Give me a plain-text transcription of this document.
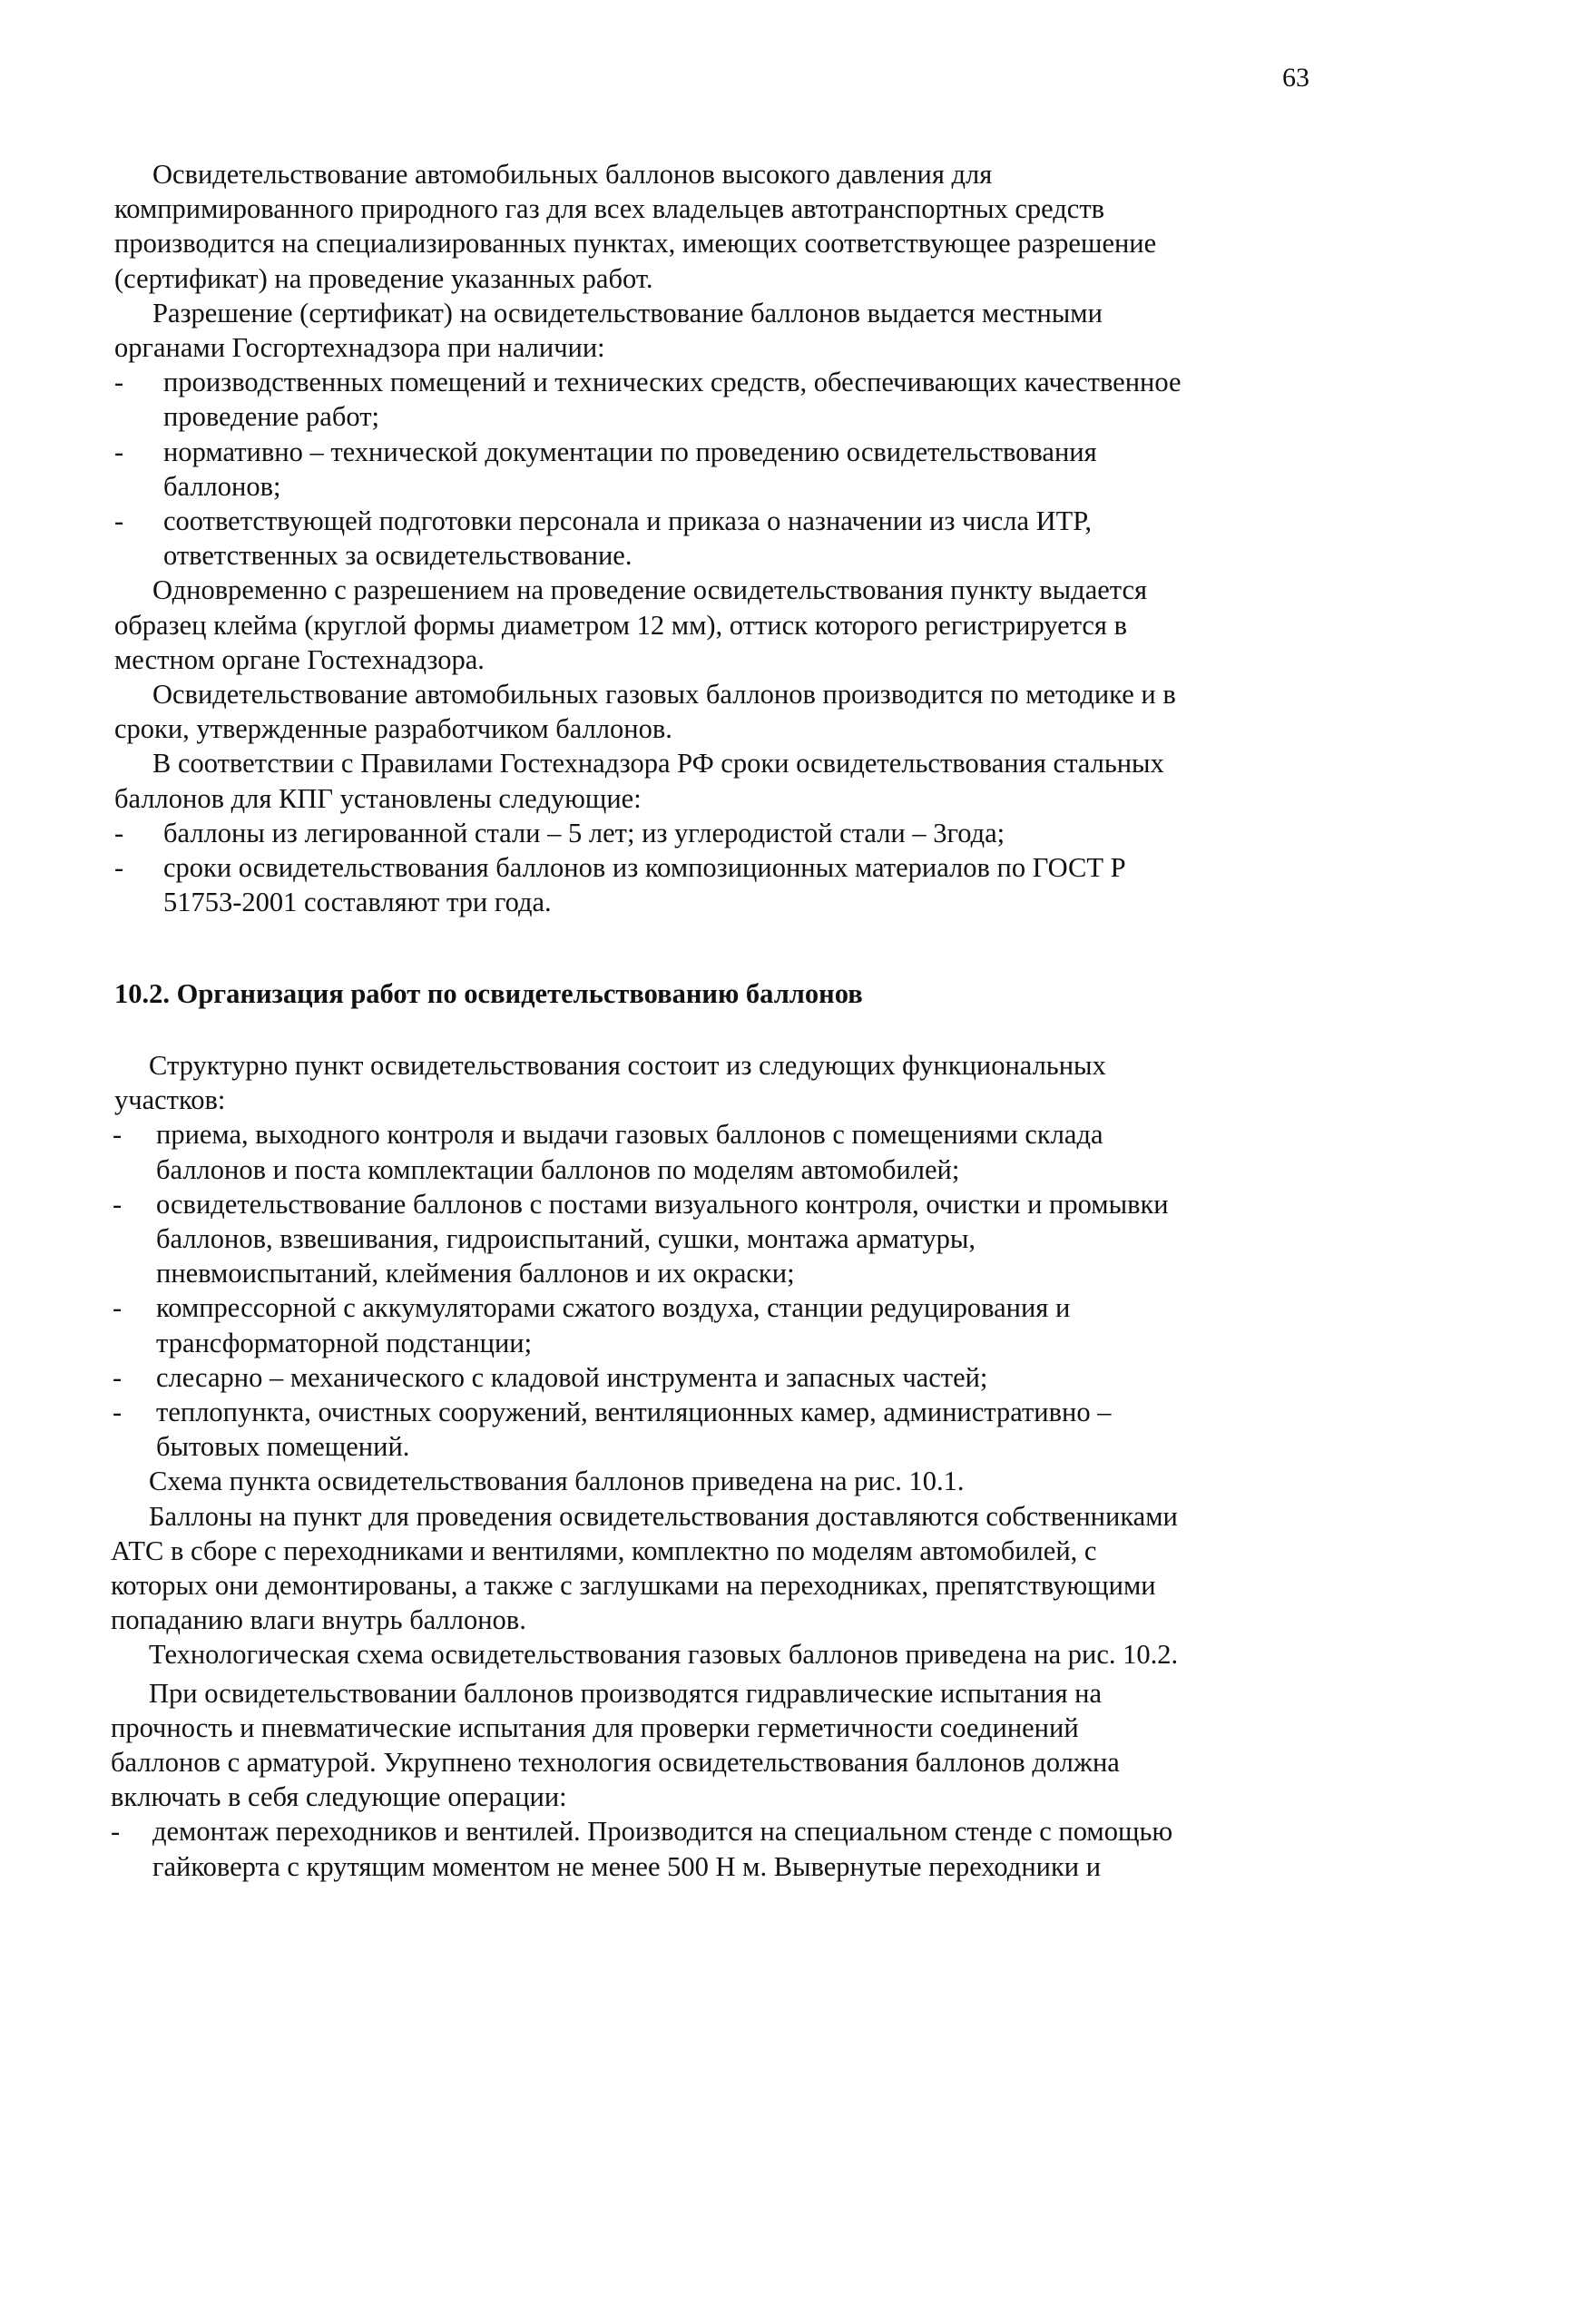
63
Освидетельствование автомобильных баллонов высокого давления для
компримированного природного газ для всех владельцев автотранспортных средств
производится на специализированных пунктах, имеющих соответствующее разрешение
(сертификат) на проведение указанных работ.
Разрешение (сертификат) на освидетельствование баллонов выдается местными
органами Госгортехнадзора при наличии:
- производственных помещений и технических средств, обеспечивающих качественное
проведение работ;
- нормативно – технической документации по проведению освидетельствования
баллонов;
- соответствующей подготовки персонала и приказа о назначении из числа ИТР,
ответственных за освидетельствование.
Одновременно с разрешением на проведение освидетельствования пункту выдается
образец клейма (круглой формы диаметром 12 мм), оттиск которого регистрируется в
местном органе Гостехнадзора.
Освидетельствование автомобильных газовых баллонов производится по методике и в
сроки, утвержденные разработчиком баллонов.
В соответствии с Правилами Гостехнадзора РФ сроки освидетельствования стальных
баллонов для КПГ установлены следующие:
- баллоны из легированной стали – 5 лет; из углеродистой стали – 3года;
- сроки освидетельствования баллонов из композиционных материалов по ГОСТ Р
51753-2001 составляют три года.
10.2. Организация работ по освидетельствованию баллонов
Структурно пункт освидетельствования состоит из следующих функциональных
участков:
- приема, выходного контроля и выдачи газовых баллонов с помещениями склада
баллонов и поста комплектации баллонов по моделям автомобилей;
- освидетельствование баллонов с постами визуального контроля, очистки и промывки
баллонов, взвешивания, гидроиспытаний, сушки, монтажа арматуры,
пневмоиспытаний, клеймения баллонов и их окраски;
- компрессорной с аккумуляторами сжатого воздуха, станции редуцирования и
трансформаторной подстанции;
- слесарно – механического с кладовой инструмента и запасных частей;
- теплопункта, очистных сооружений, вентиляционных камер, административно –
бытовых помещений.
Схема пункта освидетельствования баллонов приведена на рис. 10.1.
Баллоны на пункт для проведения освидетельствования доставляются собственниками
АТС в сборе с переходниками и вентилями, комплектно по моделям автомобилей, с
которых они демонтированы, а также с заглушками на переходниках, препятствующими
попаданию влаги внутрь баллонов.
Технологическая схема освидетельствования газовых баллонов приведена на рис. 10.2.
При освидетельствовании баллонов производятся гидравлические испытания на
прочность и пневматические испытания для проверки герметичности соединений
баллонов с арматурой. Укрупнено технология освидетельствования баллонов должна
включать в себя следующие операции:
- демонтаж переходников и вентилей. Производится на специальном стенде с помощью
гайковерта с крутящим моментом не менее 500 Н м. Вывернутые переходники и
